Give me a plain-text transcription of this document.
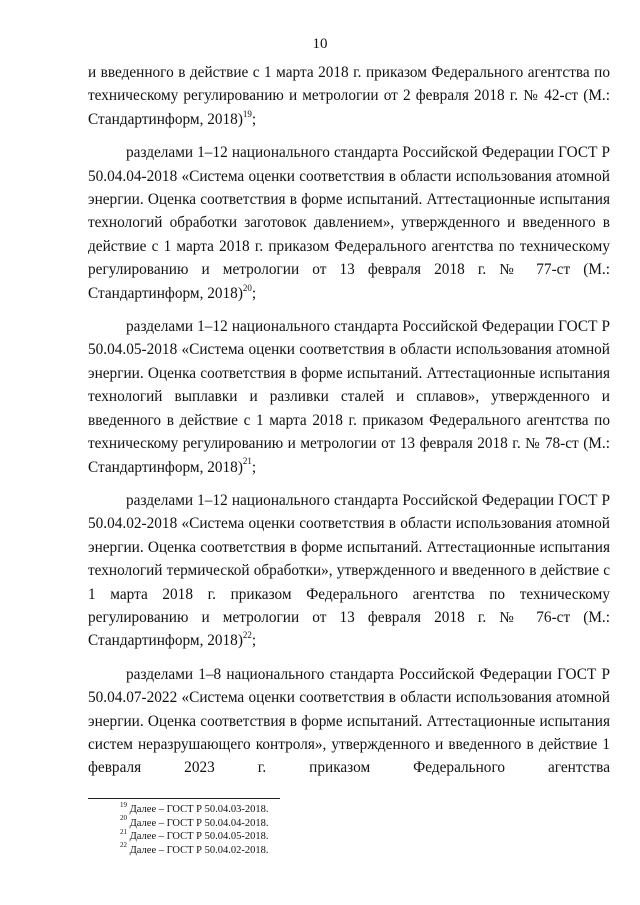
10

и введенного в действие с 1 марта 2018 г. приказом Федерального агентства по техническому регулированию и метрологии от 2 февраля 2018 г. № 42-ст (М.: Стандартинформ, 2018)$^{19}$;

разделами 1–12 национального стандарта Российской Федерации ГОСТ Р 50.04.04-2018 «Система оценки соответствия в области использования атомной энергии. Оценка соответствия в форме испытаний. Аттестационные испытания технологий обработки заготовок давлением», утвержденного и введенного в действие с 1 марта 2018 г. приказом Федерального агентства по техническому регулированию и метрологии от 13 февраля 2018 г. № 77-ст (М.: Стандартинформ, 2018)$^{20}$;

разделами 1–12 национального стандарта Российской Федерации ГОСТ Р 50.04.05-2018 «Система оценки соответствия в области использования атомной энергии. Оценка соответствия в форме испытаний. Аттестационные испытания технологий выплавки и разливки сталей и сплавов», утвержденного и введенного в действие с 1 марта 2018 г. приказом Федерального агентства по техническому регулированию и метрологии от 13 февраля 2018 г. № 78-ст (М.: Стандартинформ, 2018)$^{21}$;

разделами 1–12 национального стандарта Российской Федерации ГОСТ Р 50.04.02-2018 «Система оценки соответствия в области использования атомной энергии. Оценка соответствия в форме испытаний. Аттестационные испытания технологий термической обработки», утвержденного и введенного в действие с 1 марта 2018 г. приказом Федерального агентства по техническому регулированию и метрологии от 13 февраля 2018 г. № 76-ст (М.: Стандартинформ, 2018)$^{22}$;

разделами 1–8 национального стандарта Российской Федерации ГОСТ Р 50.04.07-2022 «Система оценки соответствия в области использования атомной энергии. Оценка соответствия в форме испытаний. Аттестационные испытания систем неразрушающего контроля», утвержденного и введенного в действие 1 февраля 2023 г. приказом Федерального агентства

$^{19}$ Далее – ГОСТ Р 50.04.03-2018.
$^{20}$ Далее – ГОСТ Р 50.04.04-2018.
$^{21}$ Далее – ГОСТ Р 50.04.05-2018.
$^{22}$ Далее – ГОСТ Р 50.04.02-2018.
